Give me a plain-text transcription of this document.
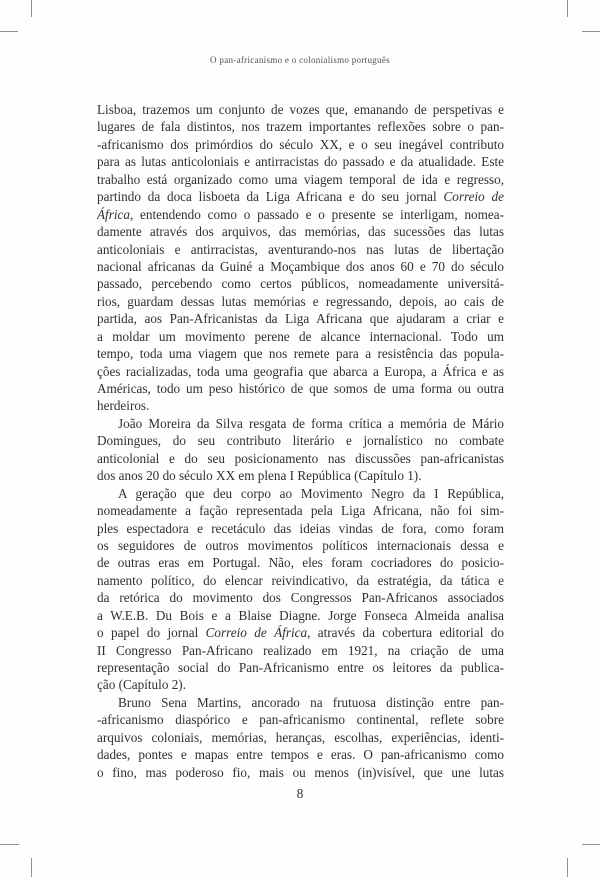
O pan-africanismo e o colonialismo português
Lisboa, trazemos um conjunto de vozes que, emanando de perspetivas e
lugares de fala distintos, nos trazem importantes reflexões sobre o pan-
-africanismo dos primórdios do século XX, e o seu inegável contributo
para as lutas anticoloniais e antirracistas do passado e da atualidade. Este
trabalho está organizado como uma viagem temporal de ida e regresso,
partindo da doca lisboeta da Liga Africana e do seu jornal Correio de
África, entendendo como o passado e o presente se interligam, nomea-
damente através dos arquivos, das memórias, das sucessões das lutas
anticoloniais e antirracistas, aventurando-nos nas lutas de libertação
nacional africanas da Guiné a Moçambique dos anos 60 e 70 do século
passado, percebendo como certos públicos, nomeadamente universitá-
rios, guardam dessas lutas memórias e regressando, depois, ao cais de
partida, aos Pan-Africanistas da Liga Africana que ajudaram a criar e
a moldar um movimento perene de alcance internacional. Todo um
tempo, toda uma viagem que nos remete para a resistência das popula-
ções racializadas, toda uma geografia que abarca a Europa, a África e as
Américas, todo um peso histórico de que somos de uma forma ou outra
herdeiros.
João Moreira da Silva resgata de forma crítica a memória de Mário
Domingues, do seu contributo literário e jornalístico no combate
anticolonial e do seu posicionamento nas discussões pan-africanistas
dos anos 20 do século XX em plena I República (Capítulo 1).
A geração que deu corpo ao Movimento Negro da I República,
nomeadamente a fação representada pela Liga Africana, não foi sim-
ples espectadora e recetáculo das ideias vindas de fora, como foram
os seguidores de outros movimentos políticos internacionais dessa e
de outras eras em Portugal. Não, eles foram cocriadores do posicio-
namento político, do elencar reivindicativo, da estratégia, da tática e
da retórica do movimento dos Congressos Pan-Africanos associados
a W.E.B. Du Bois e a Blaise Diagne. Jorge Fonseca Almeida analisa
o papel do jornal Correio de África, através da cobertura editorial do
II Congresso Pan-Africano realizado em 1921, na criação de uma
representação social do Pan-Africanismo entre os leitores da publica-
ção (Capítulo 2).
Bruno Sena Martins, ancorado na frutuosa distinção entre pan-
-africanismo diaspórico e pan-africanismo continental, reflete sobre
arquivos coloniais, memórias, heranças, escolhas, experiências, identi-
dades, pontes e mapas entre tempos e eras. O pan-africanismo como
o fino, mas poderoso fio, mais ou menos (in)visível, que une lutas
8
